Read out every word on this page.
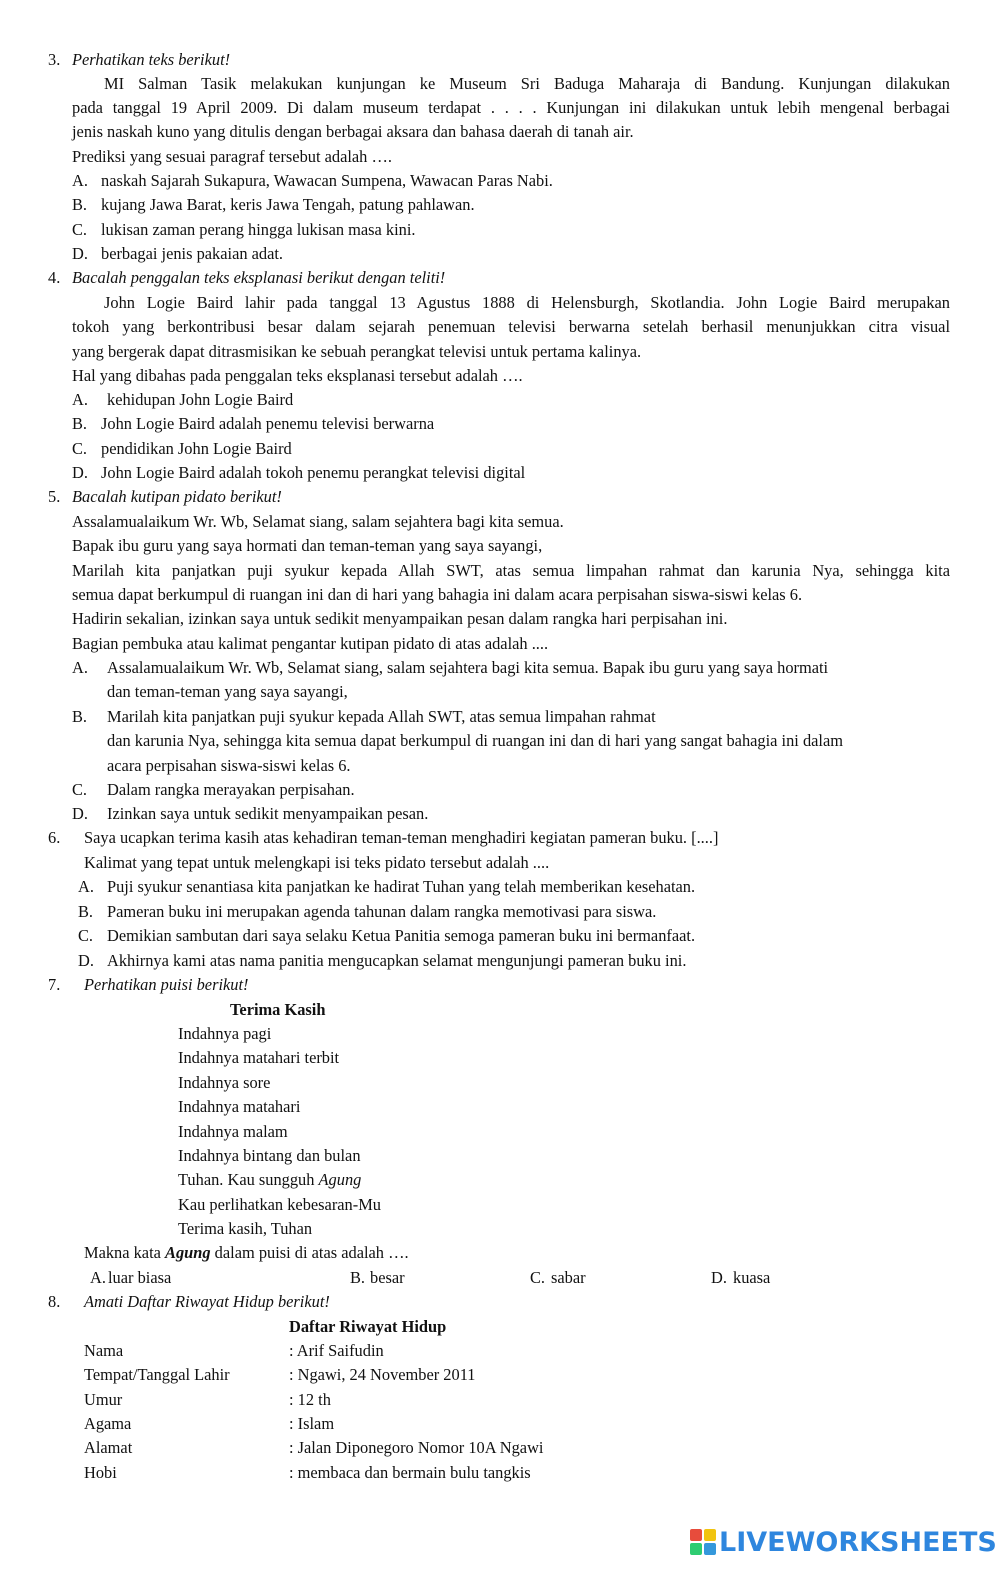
3. Perhatikan teks berikut!
MI Salman Tasik melakukan kunjungan ke Museum Sri Baduga Maharaja di Bandung. Kunjungan dilakukan
pada tanggal 19 April 2009. Di dalam museum terdapat . . . . Kunjungan ini dilakukan untuk lebih mengenal berbagai
jenis naskah kuno yang ditulis dengan berbagai aksara dan bahasa daerah di tanah air.
Prediksi yang sesuai paragraf tersebut adalah ….
A. naskah Sajarah Sukapura, Wawacan Sumpena, Wawacan Paras Nabi.
B. kujang Jawa Barat, keris Jawa Tengah, patung pahlawan.
C. lukisan zaman perang hingga lukisan masa kini.
D. berbagai jenis pakaian adat.
4. Bacalah penggalan teks eksplanasi berikut dengan teliti!
John Logie Baird lahir pada tanggal 13 Agustus 1888 di Helensburgh, Skotlandia. John Logie Baird merupakan
tokoh yang berkontribusi besar dalam sejarah penemuan televisi berwarna setelah berhasil menunjukkan citra visual
yang bergerak dapat ditrasmisikan ke sebuah perangkat televisi untuk pertama kalinya.
Hal yang dibahas pada penggalan teks eksplanasi tersebut adalah ….
A. kehidupan John Logie Baird
B. John Logie Baird adalah penemu televisi berwarna
C. pendidikan John Logie Baird
D. John Logie Baird adalah tokoh penemu perangkat televisi digital
5. Bacalah kutipan pidato berikut!
Assalamualaikum Wr. Wb, Selamat siang, salam sejahtera bagi kita semua.
Bapak ibu guru yang saya hormati dan teman-teman yang saya sayangi,
Marilah kita panjatkan puji syukur kepada Allah SWT, atas semua limpahan rahmat dan karunia Nya, sehingga kita
semua dapat berkumpul di ruangan ini dan di hari yang bahagia ini dalam acara perpisahan siswa-siswi kelas 6.
Hadirin sekalian, izinkan saya untuk sedikit menyampaikan pesan dalam rangka hari perpisahan ini.
Bagian pembuka atau kalimat pengantar kutipan pidato di atas adalah ....
A. Assalamualaikum Wr. Wb, Selamat siang, salam sejahtera bagi kita semua. Bapak ibu guru yang saya hormati
dan teman-teman yang saya sayangi,
B. Marilah kita panjatkan puji syukur kepada Allah SWT, atas semua limpahan rahmat
dan karunia Nya, sehingga kita semua dapat berkumpul di ruangan ini dan di hari yang sangat bahagia ini dalam
acara perpisahan siswa-siswi kelas 6.
C. Dalam rangka merayakan perpisahan.
D. Izinkan saya untuk sedikit menyampaikan pesan.
6. Saya ucapkan terima kasih atas kehadiran teman-teman menghadiri kegiatan pameran buku. [....]
Kalimat yang tepat untuk melengkapi isi teks pidato tersebut adalah ....
A. Puji syukur senantiasa kita panjatkan ke hadirat Tuhan yang telah memberikan kesehatan.
B. Pameran buku ini merupakan agenda tahunan dalam rangka memotivasi para siswa.
C. Demikian sambutan dari saya selaku Ketua Panitia semoga pameran buku ini bermanfaat.
D. Akhirnya kami atas nama panitia mengucapkan selamat mengunjungi pameran buku ini.
7. Perhatikan puisi berikut!
Terima Kasih
Indahnya pagi
Indahnya matahari terbit
Indahnya sore
Indahnya matahari
Indahnya malam
Indahnya bintang dan bulan
Tuhan. Kau sungguh Agung
Kau perlihatkan kebesaran-Mu
Terima kasih, Tuhan
Makna kata Agung dalam puisi di atas adalah ….
A. luar biasa	B. besar	C. sabar	D. kuasa
8. Amati Daftar Riwayat Hidup berikut!
Daftar Riwayat Hidup
Nama	: Arif Saifudin
Tempat/Tanggal Lahir	: Ngawi, 24 November 2011
Umur	: 12 th
Agama	: Islam
Alamat	: Jalan Diponegoro Nomor 10A Ngawi
Hobi	: membaca dan bermain bulu tangkis
LIVEWORKSHEETS
